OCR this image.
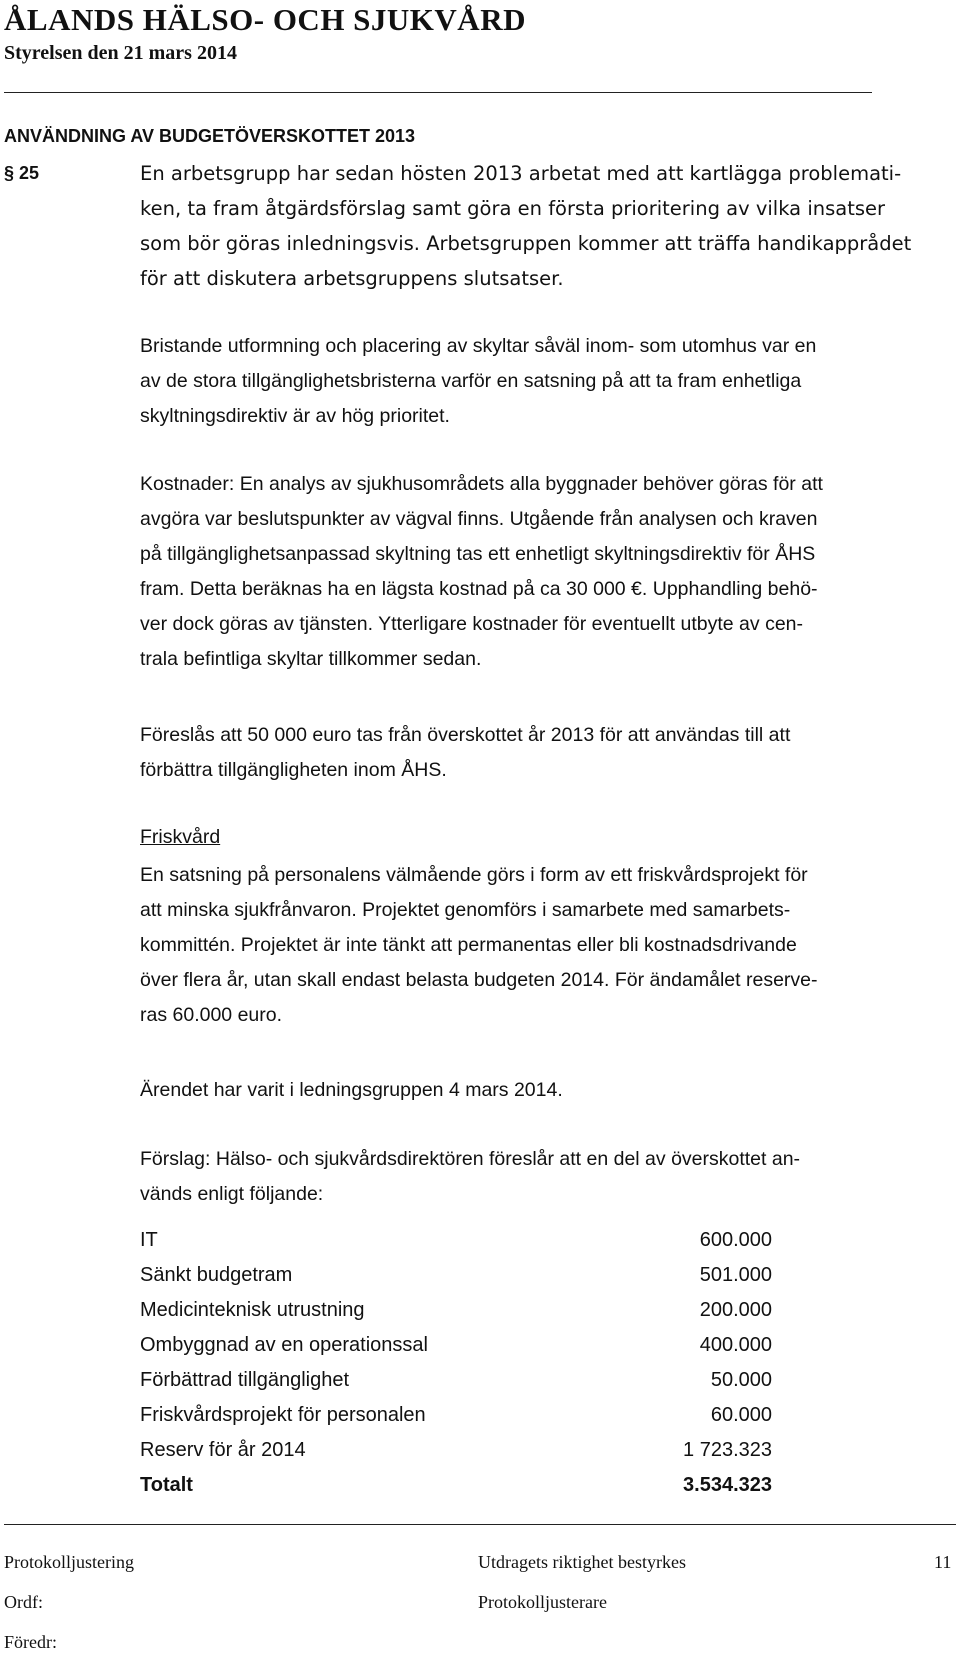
ÅLANDS HÄLSO- OCH SJUKVÅRD
Styrelsen den 21 mars 2014
ANVÄNDNING AV BUDGETÖVERSKOTTET 2013
§ 25	En arbetsgrupp har sedan hösten 2013 arbetat med att kartlägga problemati-
ken, ta fram åtgärdsförslag samt göra en första prioritering av vilka insatser
som bör göras inledningsvis. Arbetsgruppen kommer att träffa handikapprådet
för att diskutera arbetsgruppens slutsatser.

Bristande utformning och placering av skyltar såväl inom- som utomhus var en
av de stora tillgänglighetsbristerna varför en satsning på att ta fram enhetliga
skyltningsdirektiv är av hög prioritet.

Kostnader: En analys av sjukhusområdets alla byggnader behöver göras för att
avgöra var beslutspunkter av vägval finns. Utgående från analysen och kraven
på tillgänglighetsanpassad skyltning tas ett enhetligt skyltningsdirektiv för ÅHS
fram. Detta beräknas ha en lägsta kostnad på ca 30 000 €. Upphandling behö-
ver dock göras av tjänsten. Ytterligare kostnader för eventuellt utbyte av cen-
trala befintliga skyltar tillkommer sedan.

Föreslås att 50 000 euro tas från överskottet år 2013 för att användas till att
förbättra tillgängligheten inom ÅHS.

Friskvård

En satsning på personalens välmående görs i form av ett friskvårdsprojekt för
att minska sjukfrånvaron. Projektet genomförs i samarbete med samarbets-
kommittén. Projektet är inte tänkt att permanentas eller bli kostnadsdrivande
över flera år, utan skall endast belasta budgeten 2014. För ändamålet reserve-
ras 60.000 euro.

Ärendet har varit i ledningsgruppen 4 mars 2014.

Förslag: Hälso- och sjukvårdsdirektören föreslår att en del av överskottet an-
vänds enligt följande:

IT	600.000
Sänkt budgetram	501.000
Medicinteknisk utrustning	200.000
Ombyggnad av en operationssal	400.000
Förbättrad tillgänglighet	50.000
Friskvårdsprojekt för personalen	60.000
Reserv för år 2014	1 723.323
Totalt	3.534.323
Protokolljustering	Utdragets riktighet bestyrkes	11
Ordf:	Protokolljusterare
Föredr:
